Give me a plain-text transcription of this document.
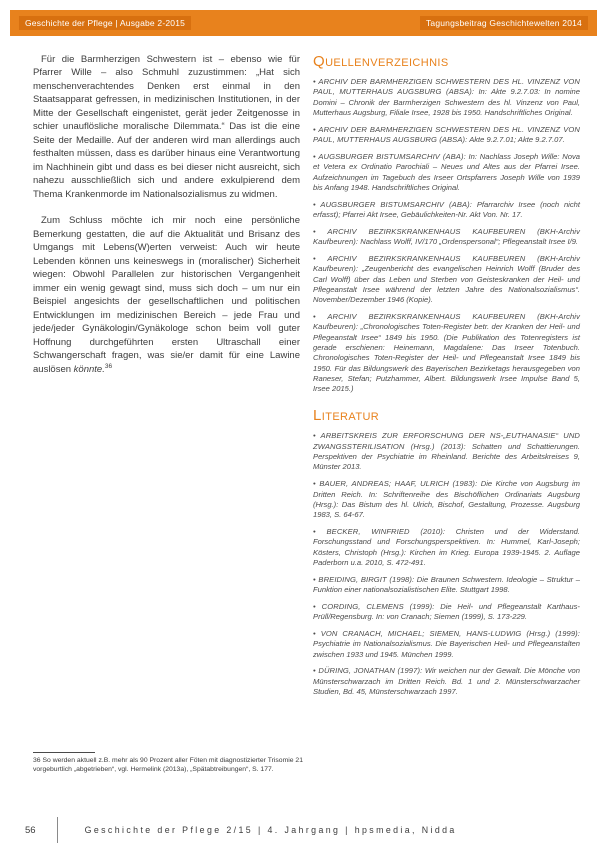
Geschichte der Pflege | Ausgabe 2-2015	Tagungsbeitrag Geschichtewelten 2014

Für die Barmherzigen Schwestern ist – ebenso wie für Pfarrer Wille – also Schmuhl zuzustimmen: „Hat sich menschenverachtendes Denken erst einmal in den Staatsapparat gefressen, in medizinischen Institutionen, in der Mitte der Gesellschaft eingenistet, gerät jeder Zeitgenosse in schier unauflösliche moralische Dilemmata.“ Das ist die eine Seite der Medaille. Auf der anderen wird man allerdings auch festhalten müssen, dass es darüber hinaus eine Verantwortung im Nachhinein gibt und dass es bei dieser nicht ausreicht, sich nahezu ausschließlich sich und andere exkulpierend dem Thema Krankenmorde im Nationalsozialismus zu widmen.

Zum Schluss möchte ich mir noch eine persönliche Bemerkung gestatten, die auf die Aktualität und Brisanz des Umgangs mit Lebens(W)erten verweist: Auch wir heute Lebenden können uns keineswegs in (moralischer) Sicherheit wiegen: Obwohl Parallelen zur historischen Vergangenheit immer ein wenig gewagt sind, muss sich doch – um nur ein Beispiel angesichts der gesellschaftlichen und politischen Entwicklungen im medizinischen Bereich – jede Frau und jede/jeder Gynäkologin/Gynäkologe schon beim voll guter Hoffnung durchgeführten ersten Ultraschall einer Schwangerschaft fragen, was sie/er damit für eine Lawine auslösen könnte.$^{36}$

Quellenverzeichnis

• ARCHIV DER BARMHERZIGEN SCHWESTERN DES HL. VINZENZ VON PAUL, MUTTERHAUS AUGSBURG (ABSA): In: Akte 9.2.7.03: In nomine Domini – Chronik der Barmherzigen Schwestern des hl. Vinzenz von Paul, Mutterhaus Augsburg, Filiale Irsee, 1928 bis 1950. Handschriftliches Original.

• ARCHIV DER BARMHERZIGEN SCHWESTERN DES HL. VINZENZ VON PAUL, MUTTERHAUS AUGSBURG (ABSA): Akte 9.2.7.01; Akte 9.2.7.07.

• AUGSBURGER BISTUMSARCHIV (ABA): In: Nachlass Joseph Wille: Nova et Vetera ex Ordinatio Parochiali – Neues und Altes aus der Pfarrei Irsee. Aufzeichnungen im Tagebuch des Irseer Ortspfarrers Joseph Wille von 1939 bis Anfang 1948. Handschriftliches Original.

• AUGSBURGER BISTUMSARCHIV (ABA): Pfarrarchiv Irsee (noch nicht erfasst); Pfarrei Akt Irsee, Gebäulichkeiten-Nr. Akt Von. Nr. 17.

• ARCHIV BEZIRKSKRANKENHAUS KAUFBEUREN (BKH-Archiv Kaufbeuren): Nachlass Wolff, IV/170 „Ordenspersonal“; Pflegeanstalt Irsee I/9.

• ARCHIV BEZIRKSKRANKENHAUS KAUFBEUREN (BKH-Archiv Kaufbeuren): „Zeugenbericht des evangelischen Heinrich Wolff (Bruder des Carl Wolff) über das Leben und Sterben von Geisteskranken der Heil- und Pflegeanstalt Irsee während der letzten Jahre des Nationalsozialismus“. November/Dezember 1946 (Kopie).

• ARCHIV BEZIRKSKRANKENHAUS KAUFBEUREN (BKH-Archiv Kaufbeuren): „Chronologisches Toten-Register betr. der Kranken der Heil- und Pflegeanstalt Irsee“ 1849 bis 1950. (Die Publikation des Totenregisters ist gerade erschienen: Heinemann, Magdalene: Das Irseer Totenbuch. Chronologisches Toten-Register der Heil- und Pflegeanstalt Irsee 1849 bis 1950. Für das Bildungswerk des Bayerischen Bezirketags herausgegeben von Raneser, Stefan; Putzhammer, Albert. Bildungswerk Irsee Impulse Band 5, Irsee 2015.)

Literatur

• ARBEITSKREIS ZUR ERFORSCHUNG DER NS-„EUTHANASIE“ UND ZWANGSSTERILISATION (Hrsg.) (2013): Schatten und Schattierungen. Perspektiven der Psychiatrie im Rheinland. Berichte des Arbeitskreises 9, Münster 2013.

• BAUER, ANDREAS; HAAF, ULRICH (1983): Die Kirche von Augsburg im Dritten Reich. In: Schriftenreihe des Bischöflichen Ordinariats Augsburg (Hrsg.): Das Bistum des hl. Ulrich, Bischof, Gestaltung, Prozesse. Augsburg 1983, S. 64-67.

• BECKER, WINFRIED (2010): Christen und der Widerstand. Forschungsstand und Forschungsperspektiven. In: Hummel, Karl-Joseph; Kösters, Christoph (Hrsg.): Kirchen im Krieg. Europa 1939-1945. 2. Auflage Paderborn u.a. 2010, S. 472-491.

• BREIDING, BIRGIT (1998): Die Braunen Schwestern. Ideologie – Struktur – Funktion einer nationalsozialistischen Elite. Stuttgart 1998.

• CORDING, CLEMENS (1999): Die Heil- und Pflegeanstalt Karthaus-Prüll/Regensburg. In: von Cranach; Siemen (1999), S. 173-229.

• VON CRANACH, MICHAEL; SIEMEN, HANS-LUDWIG (Hrsg.) (1999): Psychiatrie im Nationalsozialismus. Die Bayerischen Heil- und Pflegeanstalten zwischen 1933 und 1945. München 1999.

• DÜRING, JONATHAN (1997): Wir weichen nur der Gewalt. Die Mönche von Münsterschwarzach im Dritten Reich. Bd. 1 und 2. Münsterschwarzacher Studien, Bd. 45, Münsterschwarzach 1997.

36 So werden aktuell z.B. mehr als 90 Prozent aller Föten mit diagnostizierter Trisomie 21 vorgeburtlich „abgetrieben“, vgl. Hermelink (2013a), „Spätabtreibungen“, S. 177.

56	Geschichte der Pflege 2/15 | 4. Jahrgang | hpsmedia, Nidda
